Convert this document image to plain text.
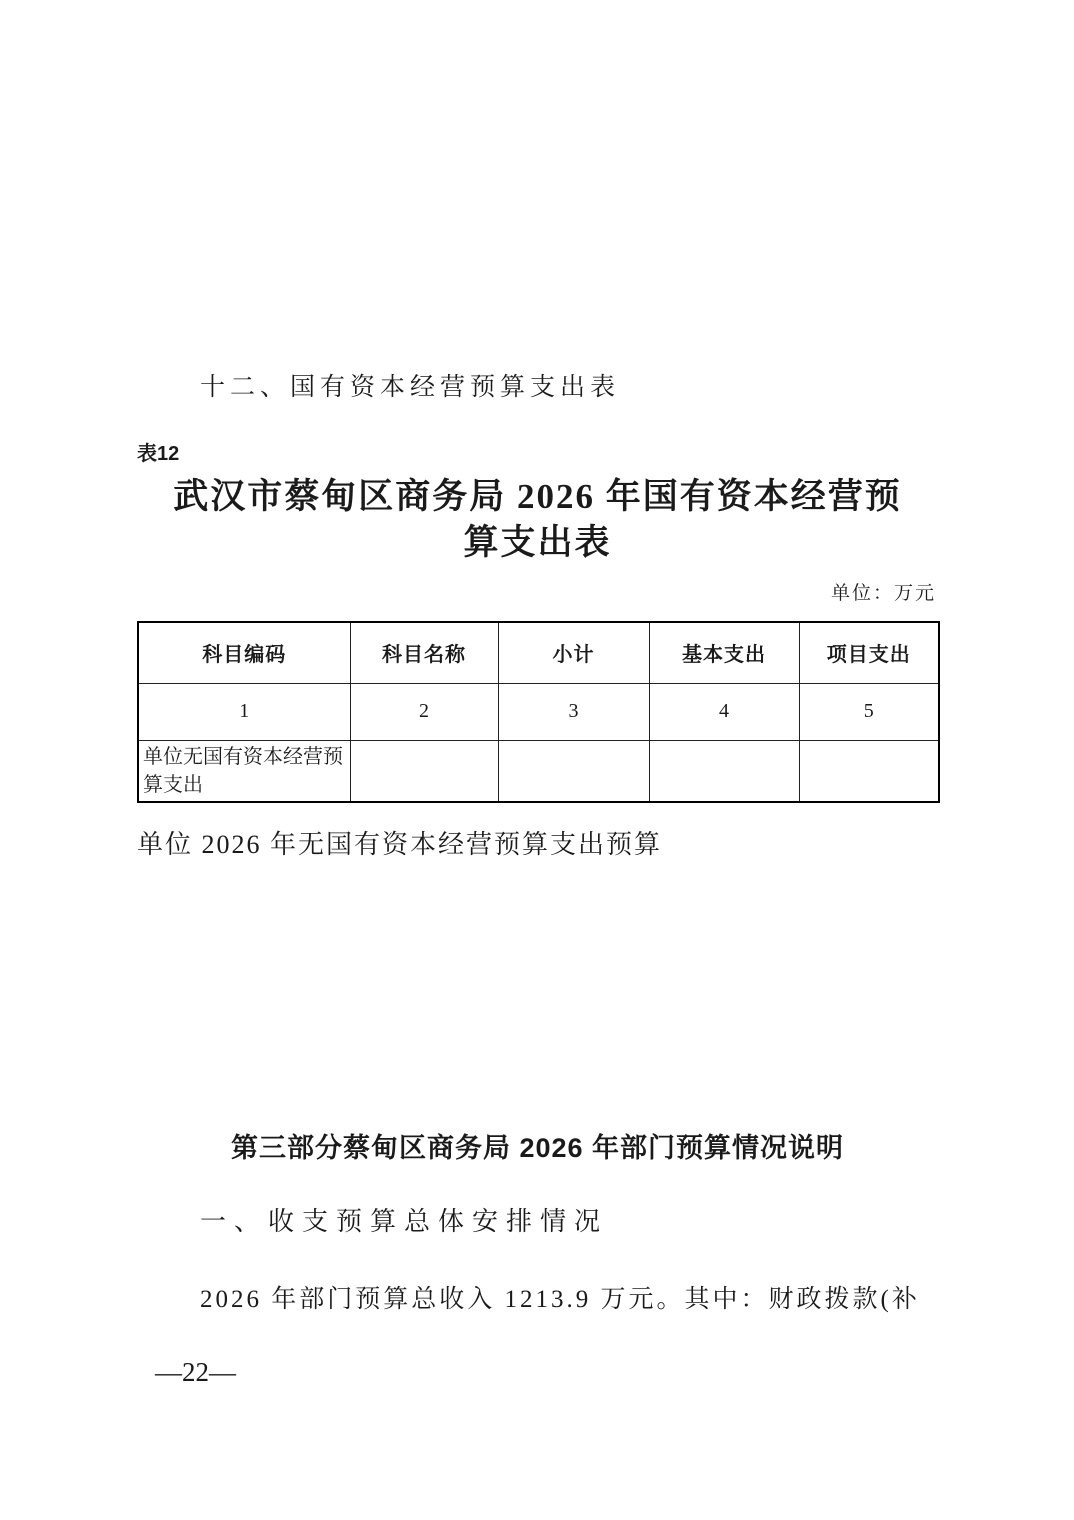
十二、国有资本经营预算支出表
表12
武汉市蔡甸区商务局 2026 年国有资本经营预
算支出表
单位：万元
科目编码	科目名称	小计	基本支出	项目支出
1	2	3	4	5
单位无国有资本经营预算支出				
单位 2026 年无国有资本经营预算支出预算
第三部分蔡甸区商务局 2026 年部门预算情况说明
一、收支预算总体安排情况
2026 年部门预算总收入 1213.9 万元。其中：财政拨款(补
—22—
